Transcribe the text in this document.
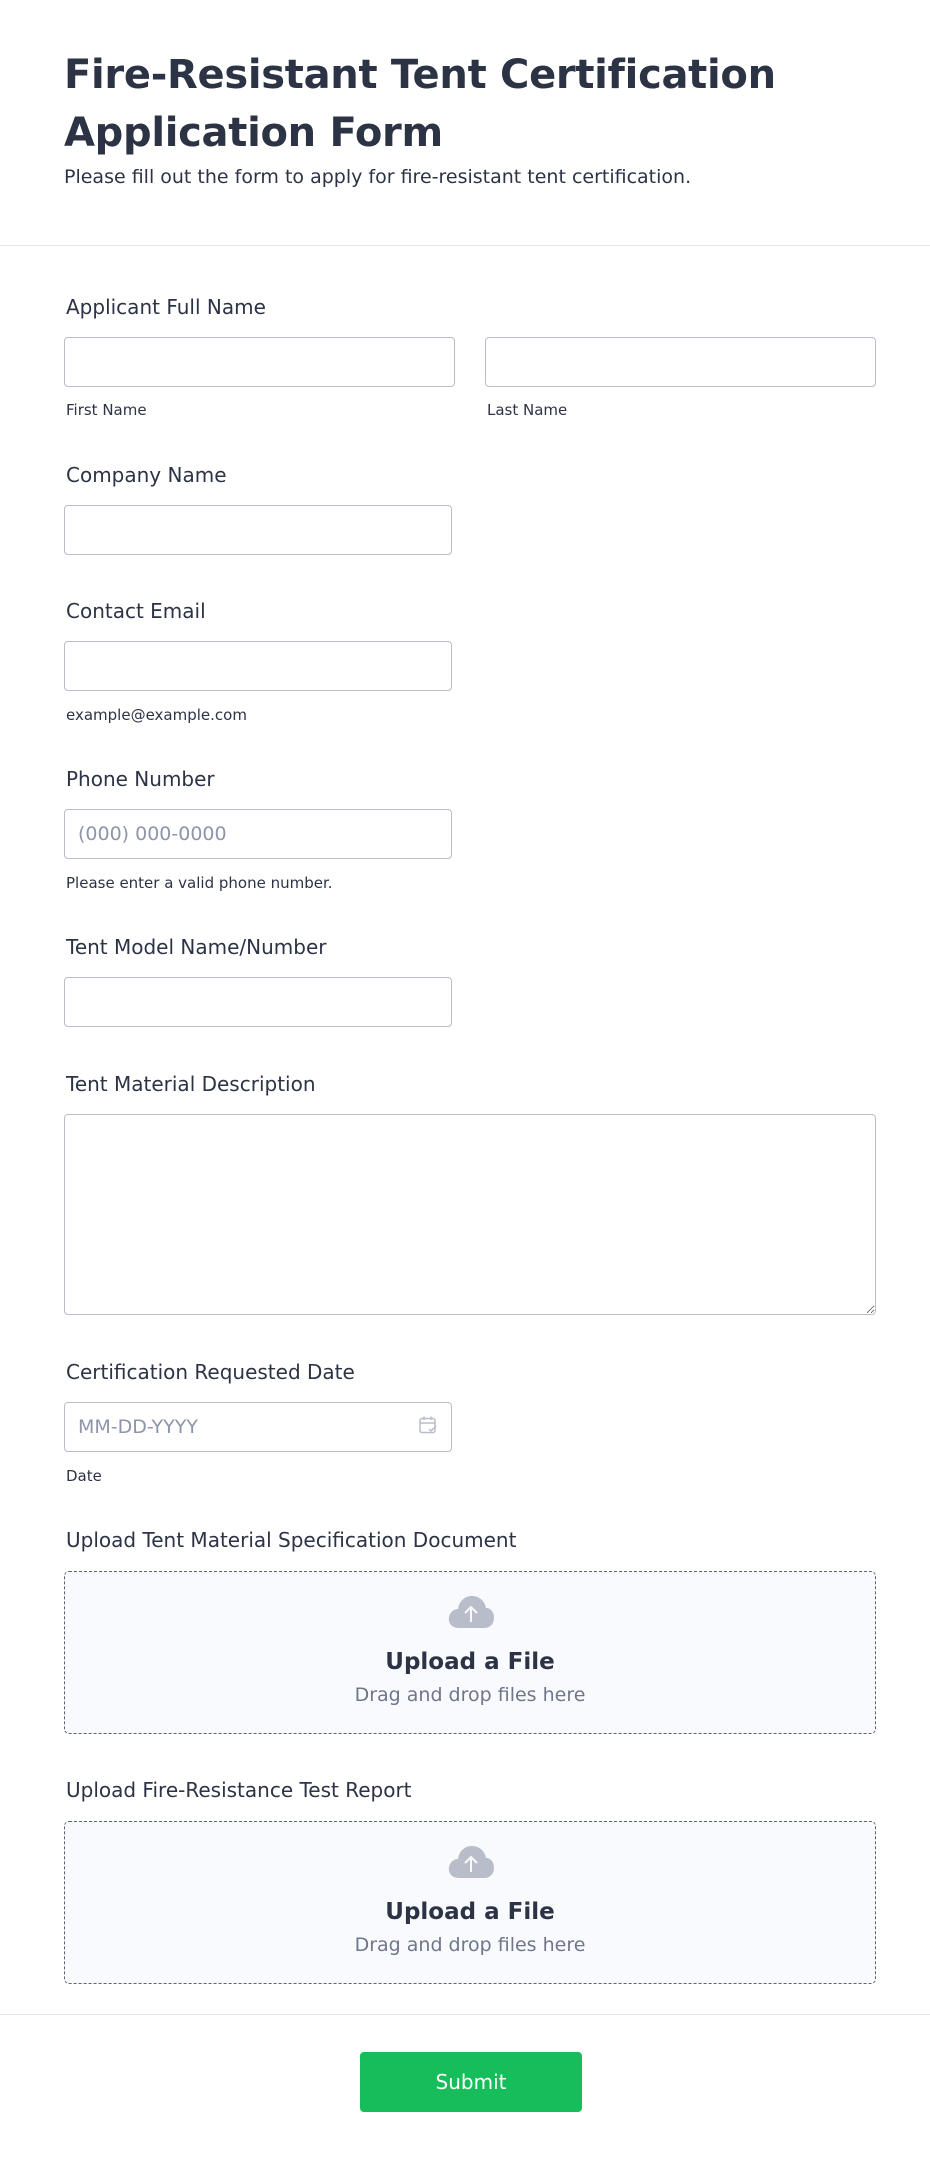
Fire-Resistant Tent Certification Application Form

Please fill out the form to apply for fire-resistant tent certification.

Applicant Full Name
First Name	Last Name
Company Name
Contact Email
example@example.com
Phone Number
(000) 000-0000
Please enter a valid phone number.
Tent Model Name/Number
Tent Material Description
Certification Requested Date
MM-DD-YYYY
Date
Upload Tent Material Specification Document
Upload a File
Drag and drop files here
Upload Fire-Resistance Test Report
Upload a File
Drag and drop files here
Submit
